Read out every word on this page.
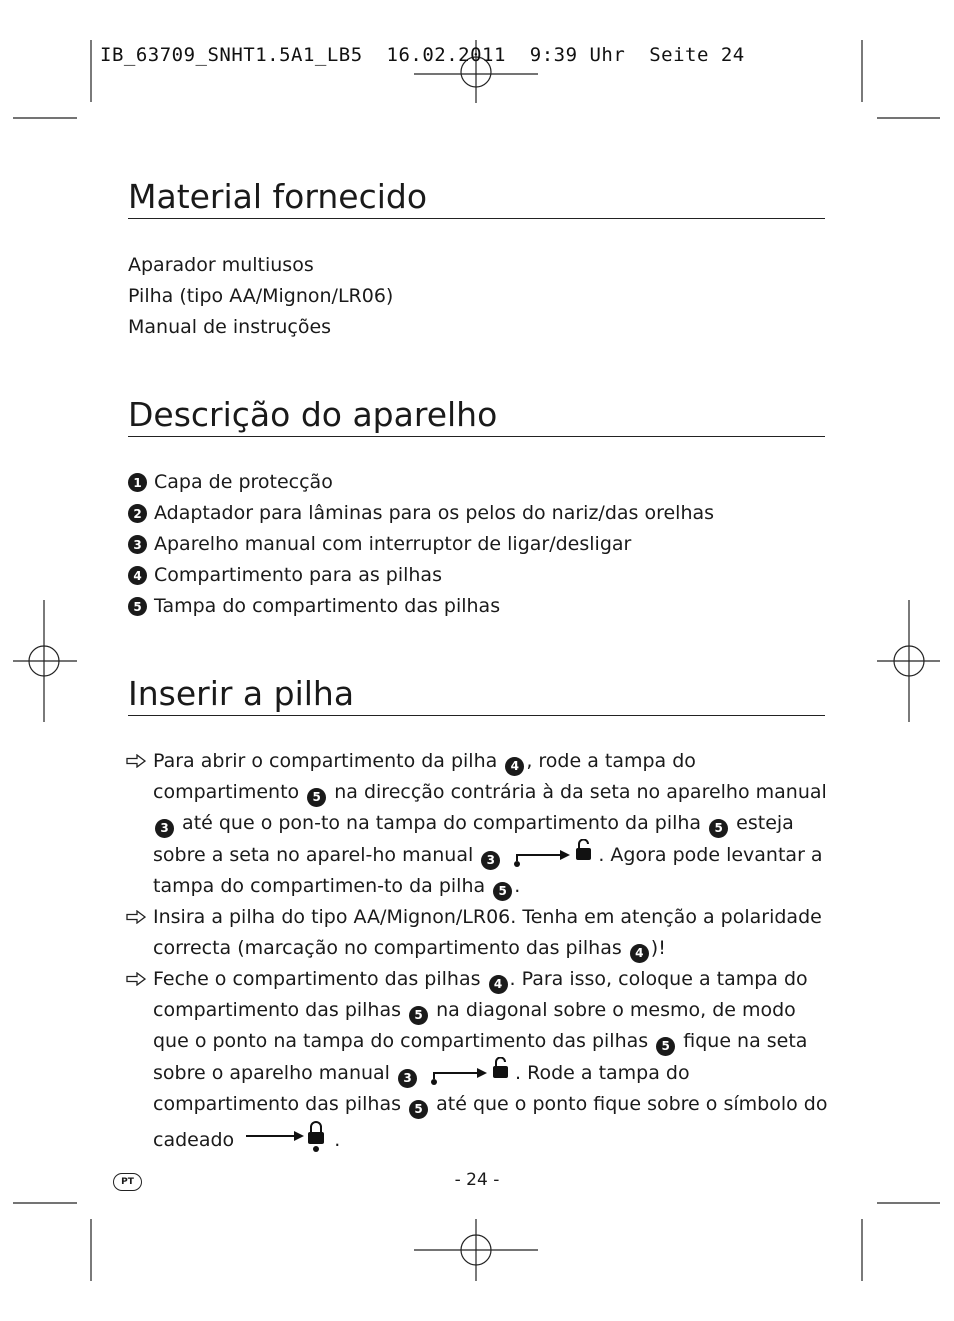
IB_63709_SNHT1.5A1_LB5  16.02.2011  9:39 Uhr  Seite 24
Material fornecido
Aparador multiusos
Pilha (tipo AA/Mignon/LR06)
Manual de instruções
Descrição do aparelho
1 Capa de protecção
2 Adaptador para lâminas para os pelos do nariz/das orelhas
3 Aparelho manual com interruptor de ligar/desligar
4 Compartimento para as pilhas
5 Tampa do compartimento das pilhas
Inserir a pilha
Para abrir o compartimento da pilha 4 , rode a tampa do compartimento 5 na direcção contrária à da seta no aparelho manual 3 até que o pon-to na tampa do compartimento da pilha 5 esteja sobre a seta no aparel-ho manual 3	. Agora pode levantar a tampa do compartimen-to da pilha 5 .
Insira a pilha do tipo AA/Mignon/LR06. Tenha em atenção a polaridade correcta (marcação no compartimento das pilhas 4 )!
Feche o compartimento das pilhas 4 . Para isso, coloque a tampa do compartimento das pilhas 5 na diagonal sobre o mesmo, de modo que o ponto na tampa do compartimento das pilhas 5 fique na seta sobre o aparelho manual 3	. Rode a tampa do compartimento das pilhas 5 até que o ponto fique sobre o símbolo do cadeado	.
PT	- 24 -
